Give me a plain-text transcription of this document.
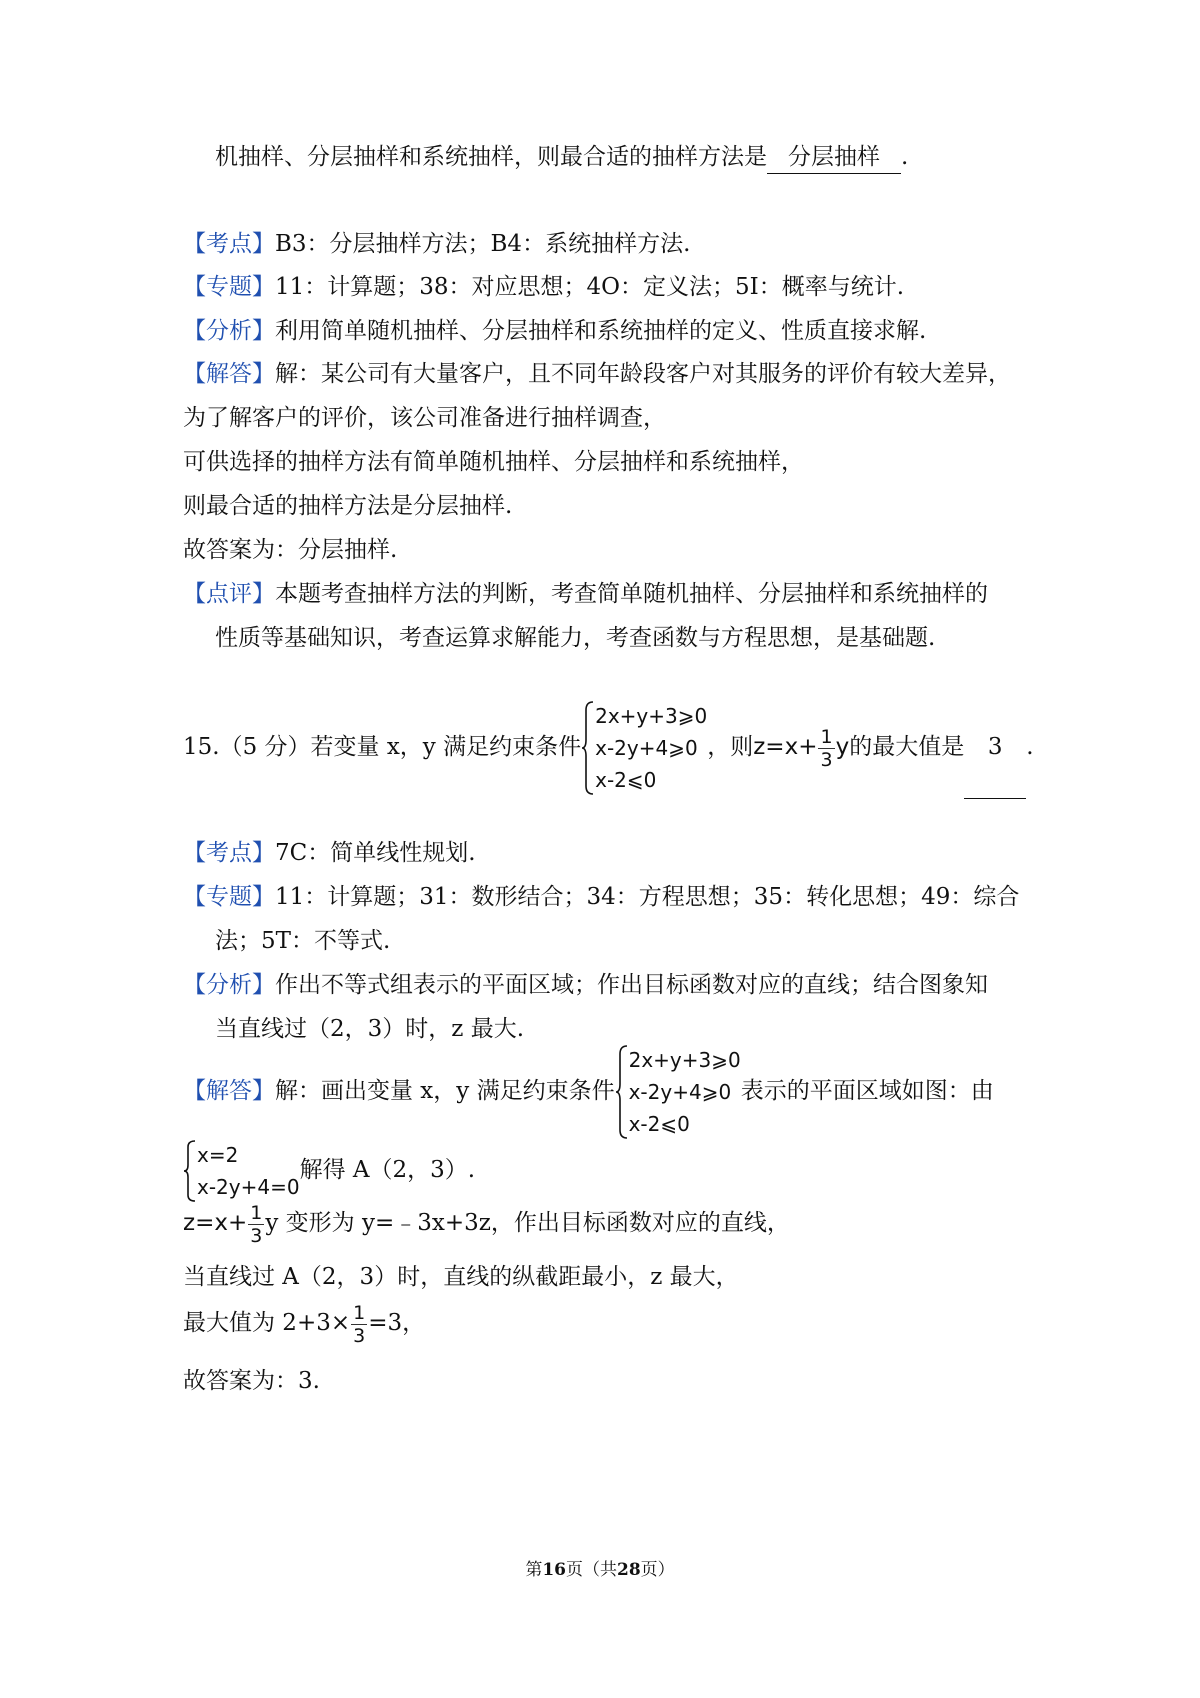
机抽样、分层抽样和系统抽样，则最合适的抽样方法是 分层抽样 .
【考点】B3：分层抽样方法；B4：系统抽样方法.
【专题】11：计算题；38：对应思想；4O：定义法；5I：概率与统计.
【分析】利用简单随机抽样、分层抽样和系统抽样的定义、性质直接求解.
【解答】解：某公司有大量客户，且不同年龄段客户对其服务的评价有较大差异，
为了解客户的评价，该公司准备进行抽样调查，
可供选择的抽样方法有简单随机抽样、分层抽样和系统抽样，
则最合适的抽样方法是分层抽样.
故答案为：分层抽样.
【点评】本题考查抽样方法的判断，考查简单随机抽样、分层抽样和系统抽样的
性质等基础知识，考查运算求解能力，考查函数与方程思想，是基础题.
15.（5 分）若变量 x，y 满足约束条件
2x+y+3⩾0
x-2y+4⩾0
x-2⩽0
，则$z=x+ \frac{1}{3}$ y的最大值是 3 .
【考点】7C：简单线性规划.
【专题】11：计算题；31：数形结合；34：方程思想；35：转化思想；49：综合
法；5T：不等式.
【分析】作出不等式组表示的平面区域；作出目标函数对应的直线；结合图象知
当直线过（2，3）时，z 最大.
【解答】解：画出变量 x，y 满足约束条件
2x+y+3⩾0
x-2y+4⩾0
x-2⩽0
表示的平面区域如图：由
x=2
x-2y+4=0
解得 A（2，3）.
$z=x+ \frac{1}{3}$ y 变形为 y=﹣3x+3z，作出目标函数对应的直线，
当直线过 A（2，3）时，直线的纵截距最小，z 最大，
最大值为 $2+3\times \frac{1}{3} =3$，
故答案为：3.
第16页（共28页）
